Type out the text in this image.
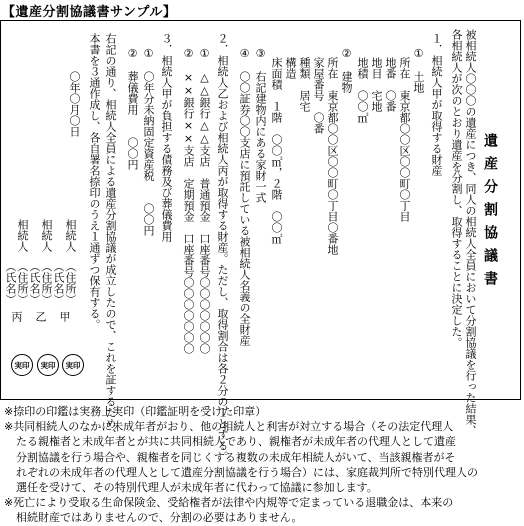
【遺産分割協議書サンプル】
遺産分割協議書
被相続人〇〇〇の遺産につき、同人の相続人全員において分割協議を行った結果、
各相続人が次のとおり遺産を分割し、取得することに決定した。
１．相続人甲が取得する財産
①　土地
所在　東京都〇〇区〇〇町〇丁目
地番　〇番
地目　宅地
地積　〇〇㎡
②　建物
所在　東京都〇〇区〇〇町〇丁目〇番地
家屋番号　〇番
種類　居宅
構造
床面積　１階　〇〇㎡，２階　〇〇㎡
③　右記建物内にある家財一式
④　〇〇証券〇〇支店に預託している被相続人名義の全財産
２．相続人乙および相続人丙が取得する財産。ただし、取得割合は各２分の１とする。
①　△△銀行△△支店　普通預金　口座番号〇〇〇〇〇〇〇
②　××銀行××支店　定期預金　口座番号〇〇〇〇〇〇〇
３．相続人甲が負担する債務及び葬儀費用
①　〇年分未納固定資産税　　〇〇円
②　葬儀費用　　〇〇円
右記の通り、相続人全員による遺産分割協議が成立したので、これを証するため、
本書を３通作成し、各自署名捺印のうえ１通ずつ保有する。
〇年〇月〇日
相続人
（住所）
（氏名）
甲
相続人
（住所）
（氏名）
乙
相続人
（住所）
（氏名）
丙
実印
実印
実印

※捺印の印鑑は実務上実印（印鑑証明を受けた印章）

※共同相続人のなかに未成年者がおり、他の相続人と利害が対立する場合（その法定代理人

たる親権者と未成年者とが共に共同相続人であり、親権者が未成年者の代理人として遺産

分割協議を行う場合や、親権者を同じくする複数の未成年相続人がいて、当該親権者がそ

れぞれの未成年者の代理人として遺産分割協議を行う場合）には、家庭裁判所で特別代理人の

選任を受けて、その特別代理人が未成年者に代わって協議に参加します。

※死亡により受取る生命保険金、受給権者が法律や内規等で定まっている退職金は、本来の

相続財産ではありませんので、分割の必要はありません。
